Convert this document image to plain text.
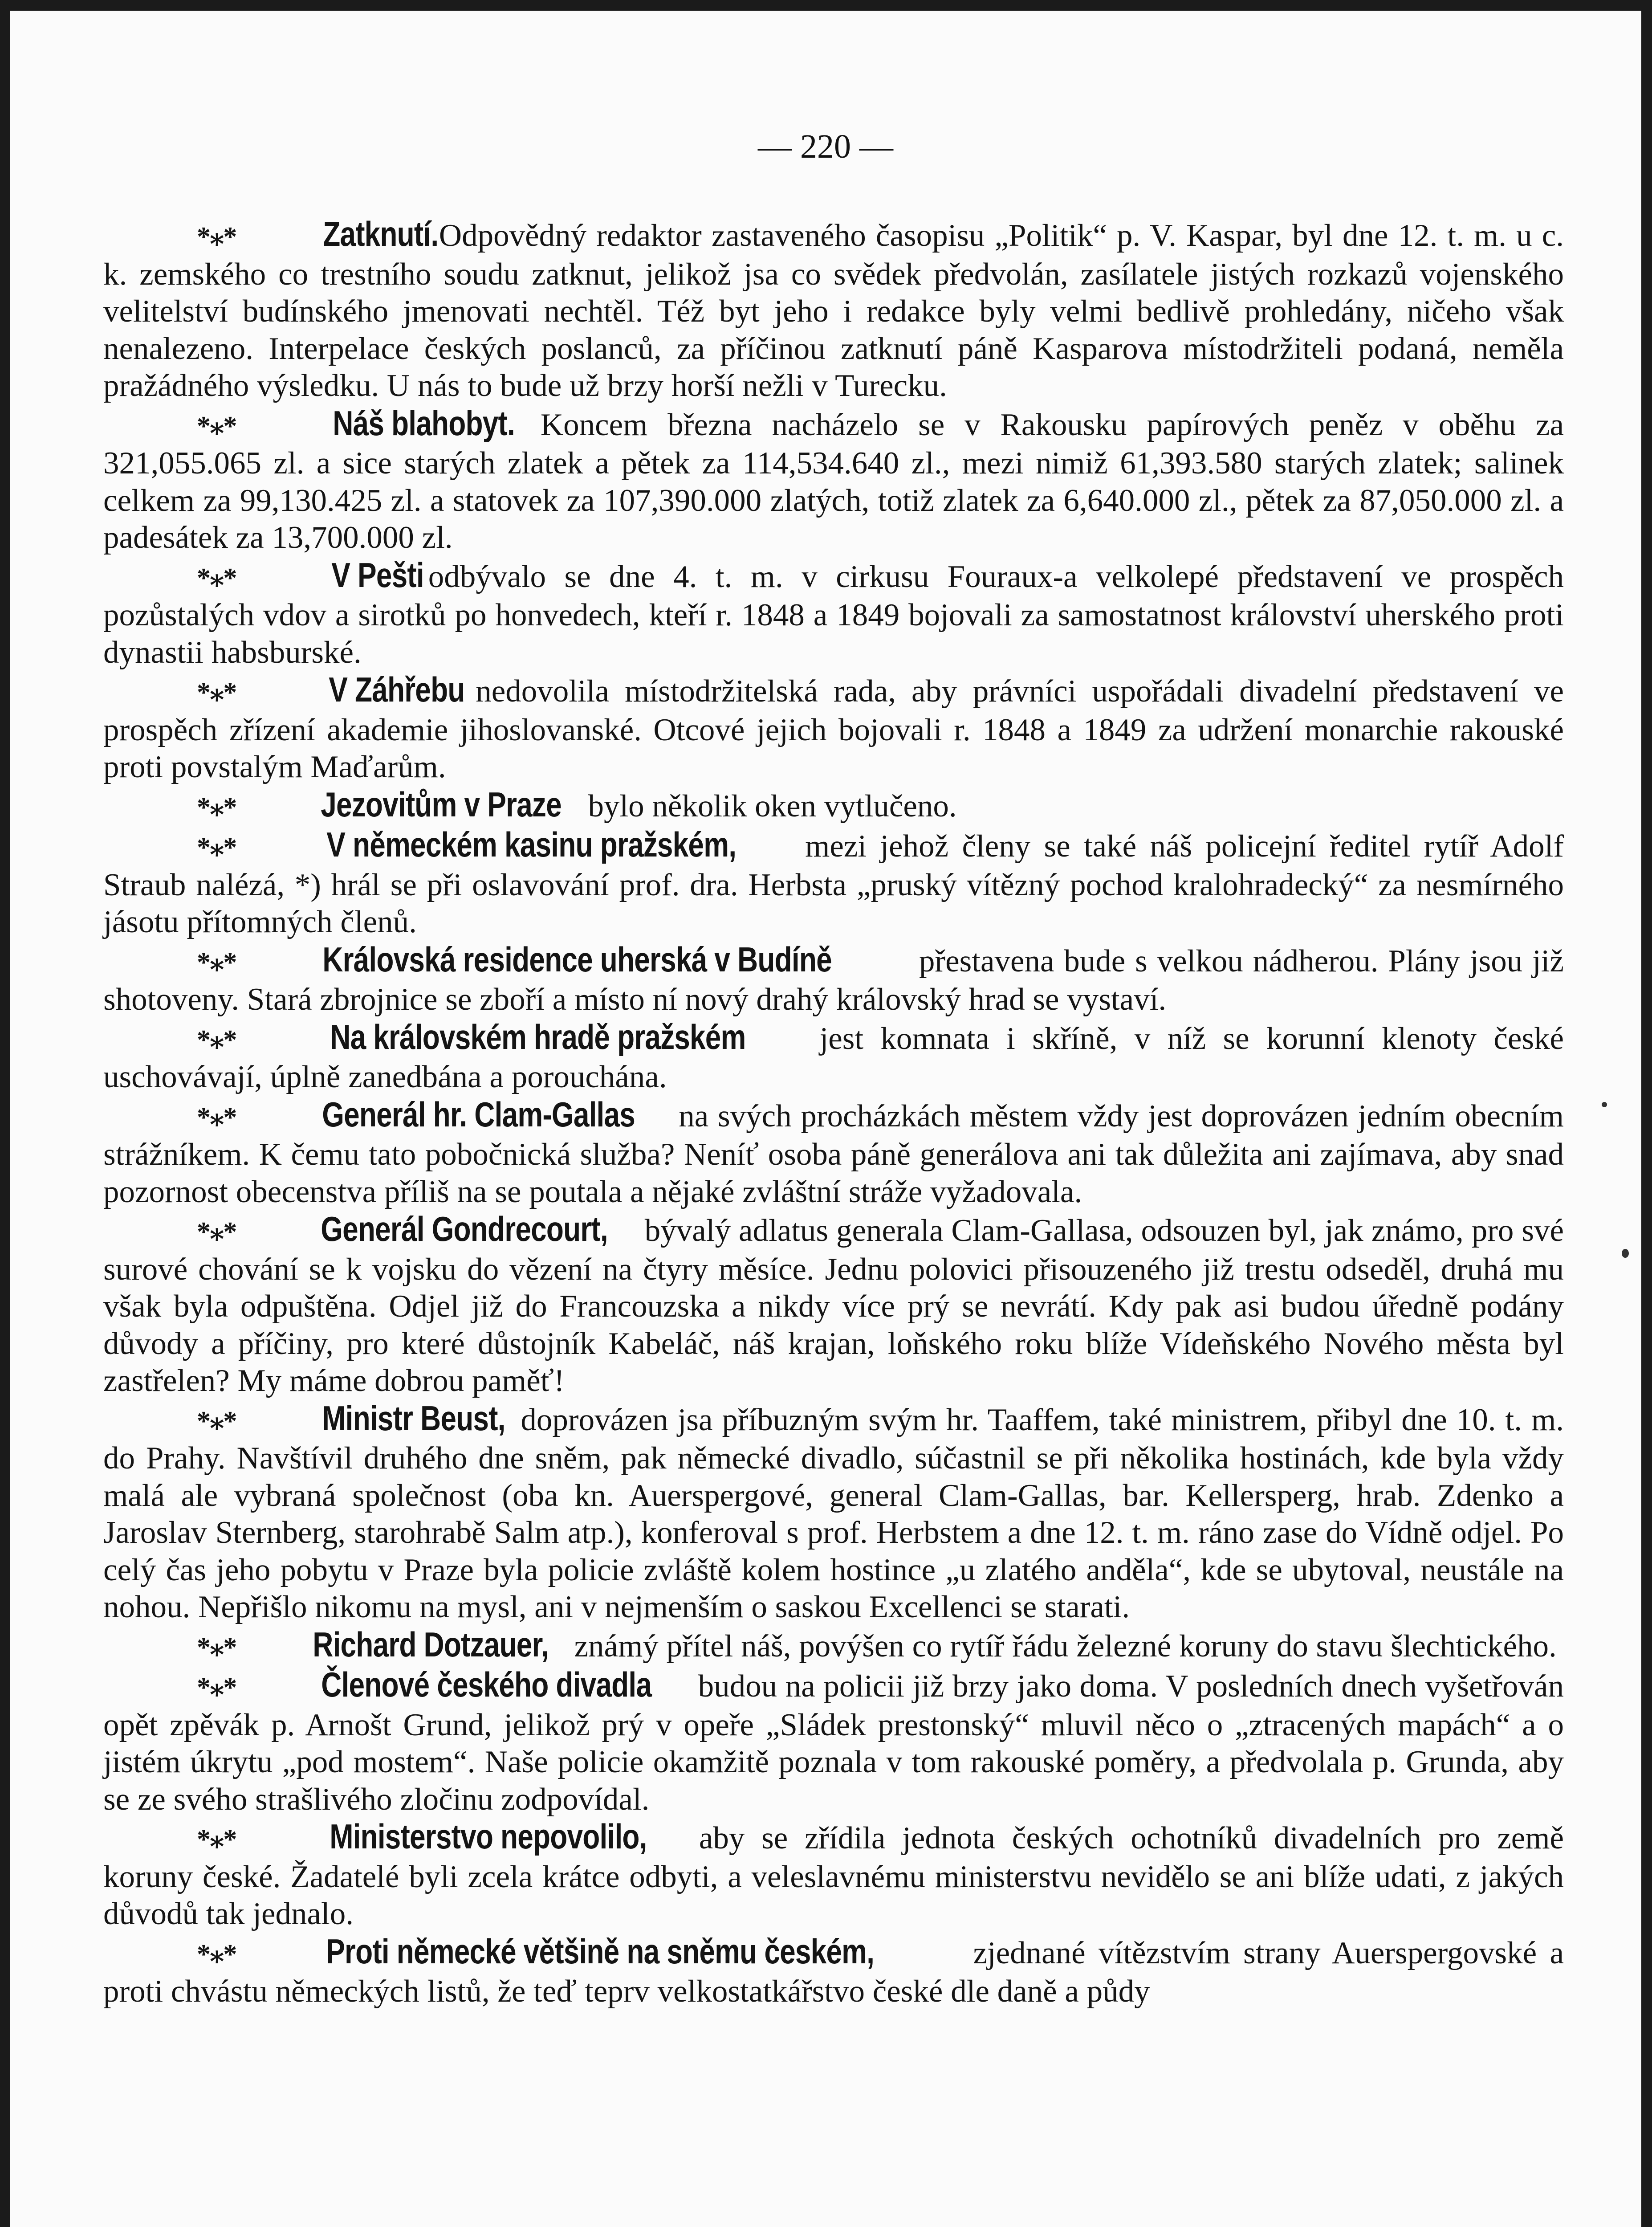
— 220 —

*⁎* Zatknutí. Odpovědný redaktor zastaveného časopisu „Politik“ p. V. Kaspar, byl dne 12. t. m. u c. k. zemského co trestního soudu zatknut, jelikož jsa co svědek předvolán, zasílatele jistých rozkazů vojenského velitelství budínského jmenovati nechtěl. Též byt jeho i redakce byly velmi bedlivě prohledány, ničeho však nenalezeno. Interpelace českých poslanců, za příčinou zatknutí páně Kasparova místodržiteli podaná, neměla pražádného výsledku. U nás to bude už brzy horší nežli v Turecku.

*⁎*	Náš blahobyt. Koncem března nacházelo se v Rakousku papírových peněz v oběhu za 321,055.065 zl. a sice starých zlatek a pětek za 114,534.640 zl., mezi nimiž 61,393.580 starých zlatek; salinek celkem za 99,130.425 zl. a statovek za 107,390.000 zlatých, totiž zlatek za 6,640.000 zl., pětek za 87,050.000 zl. a padesátek za 13,700.000 zl.

*⁎*	V Pešti odbývalo se dne 4. t. m. v cirkusu Fouraux-a velkolepé představení ve prospěch pozůstalých vdov a sirotků po honvedech, kteří r. 1848 a 1849 bojovali za samostatnost království uherského proti dynastii habsburské.

*⁎*	V Záhřebu nedovolila místodržitelská rada, aby právníci uspořádali divadelní představení ve prospěch zřízení akademie jihoslovanské. Otcové jejich bojovali r. 1848 a 1849 za udržení monarchie rakouské proti povstalým Maďarům.

*⁎* Jezovitům v Praze bylo několik oken vytlučeno.

*⁎*	V německém kasinu pražském, mezi jehož členy se také náš policejní ředitel rytíř Adolf Straub nalézá, *) hrál se při oslavování prof. dra. Herbsta „pruský vítězný pochod kralohradecký“ za nesmírného jásotu přítomných členů.

*⁎* Královská residence uherská v Budíně přestavena bude s velkou nádherou. Plány jsou již shotoveny. Stará zbrojnice se zboří a místo ní nový drahý královský hrad se vystaví.

*⁎*	Na královském hradě pražském jest komnata i skříně, v níž se korunní klenoty české uschovávají, úplně zanedbána a porouchána.

*⁎* Generál hr. Clam-Gallas na svých procházkách městem vždy jest doprovázen jedním obecním strážníkem. K čemu tato pobočnická služba? Neníť osoba páně generálova ani tak důležita ani zajímava, aby snad pozornost obecenstva příliš na se poutala a nějaké zvláštní stráže vyžadovala.

*⁎* Generál Gondrecourt, bývalý adlatus generala Clam-Gallasa, odsouzen byl, jak známo, pro své surové chování se k vojsku do vězení na čtyry měsíce. Jednu polovici přisouzeného již trestu odseděl, druhá mu však byla odpuštěna. Odjel již do Francouzska a nikdy více prý se nevrátí. Kdy pak asi budou úředně podány důvody a příčiny, pro které důstojník Kabeláč, náš krajan, loňského roku blíže Vídeňského Nového města byl zastřelen? My máme dobrou paměť!

*⁎* Ministr Beust, doprovázen jsa příbuzným svým hr. Taaffem, také ministrem, přibyl dne 10. t. m. do Prahy. Navštívil druhého dne sněm, pak německé divadlo, súčastnil se při několika hostinách, kde byla vždy malá ale vybraná společnost (oba kn. Auerspergové, general Clam-Gallas, bar. Kellersperg, hrab. Zdenko a Jaroslav Sternberg, starohrabě Salm atp.), konferoval s prof. Herbstem a dne 12. t. m. ráno zase do Vídně odjel. Po celý čas jeho pobytu v Praze byla policie zvláště kolem hostince „u zlatého anděla“, kde se ubytoval, neustále na nohou. Nepřišlo nikomu na mysl, ani v nejmenším o saskou Excellenci se starati.

*⁎* Richard Dotzauer, známý přítel náš, povýšen co rytíř řádu železné koruny do stavu šlechtického.

*⁎* Členové českého divadla budou na policii již brzy jako doma. V posledních dnech vyšetřován opět zpěvák p. Arnošt Grund, jelikož prý v opeře „Sládek prestonský“ mluvil něco o „ztracených mapách“ a o jistém úkrytu „pod mostem“. Naše policie okamžitě poznala v tom rakouské poměry, a předvolala p. Grunda, aby se ze svého strašlivého zločinu zodpovídal.

*⁎*	Ministerstvo nepovolilo, aby se zřídila jednota českých ochotníků divadelních pro země koruny české. Žadatelé byli zcela krátce odbyti, a veleslavnému ministerstvu nevidělo se ani blíže udati, z jakých důvodů tak jednalo.

*⁎*	Proti německé většině na sněmu českém,	zjednané vítězstvím strany Auerspergovské a proti chvástu německých listů, že teď teprv velkostatkářstvo české dle daně a půdy
